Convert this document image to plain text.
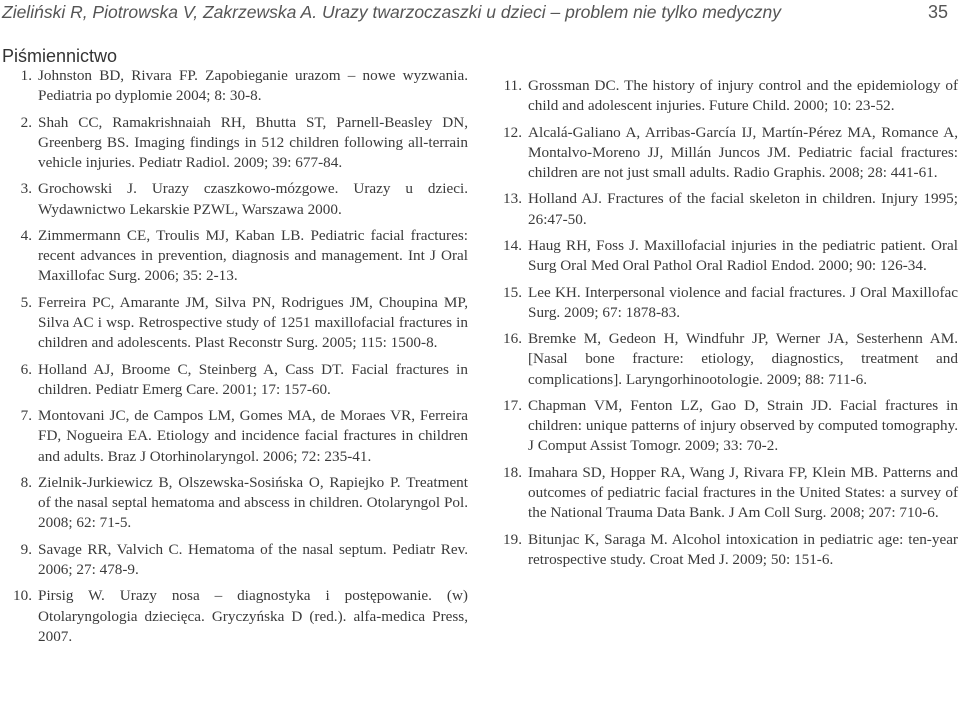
Zieliński R, Piotrowska V, Zakrzewska A. Urazy twarzoczaszki u dzieci – problem nie tylko medyczny	35
Piśmiennictwo
1. Johnston BD, Rivara FP. Zapobieganie urazom – nowe wyzwania. Pediatria po dyplomie 2004; 8: 30-8.
2. Shah CC, Ramakrishnaiah RH, Bhutta ST, Parnell-Beasley DN, Greenberg BS. Imaging findings in 512 children following all-terrain vehicle injuries. Pediatr Radiol. 2009; 39: 677-84.
3. Grochowski J. Urazy czaszkowo-mózgowe. Urazy u dzieci. Wydawnictwo Lekarskie PZWL, Warszawa 2000.
4. Zimmermann CE, Troulis MJ, Kaban LB. Pediatric facial fractures: recent advances in prevention, diagnosis and management. Int J Oral Maxillofac Surg. 2006; 35: 2-13.
5. Ferreira PC, Amarante JM, Silva PN, Rodrigues JM, Choupina MP, Silva AC i wsp. Retrospective study of 1251 maxillofacial fractures in children and adolescents. Plast Reconstr Surg. 2005; 115: 1500-8.
6. Holland AJ, Broome C, Steinberg A, Cass DT. Facial fractures in children. Pediatr Emerg Care. 2001; 17: 157-60.
7. Montovani JC, de Campos LM, Gomes MA, de Moraes VR, Ferreira FD, Nogueira EA. Etiology and incidence facial fractures in children and adults. Braz J Otorhinolaryngol. 2006; 72: 235-41.
8. Zielnik-Jurkiewicz B, Olszewska-Sosińska O, Rapiejko P. Treatment of the nasal septal hematoma and abscess in children. Otolaryngol Pol. 2008; 62: 71-5.
9. Savage RR, Valvich C. Hematoma of the nasal septum. Pediatr Rev. 2006; 27: 478-9.
10. Pirsig W. Urazy nosa – diagnostyka i postępowanie. (w) Otolaryngologia dziecięca. Gryczyńska D (red.). alfa-medica Press, 2007.
11. Grossman DC. The history of injury control and the epidemiology of child and adolescent injuries. Future Child. 2000; 10: 23-52.
12. Alcalá-Galiano A, Arribas-García IJ, Martín-Pérez MA, Romance A, Montalvo-Moreno JJ, Millán Juncos JM. Pediatric facial fractures: children are not just small adults. Radio Graphis. 2008; 28: 441-61.
13. Holland AJ. Fractures of the facial skeleton in children. Injury 1995; 26:47-50.
14. Haug RH, Foss J. Maxillofacial injuries in the pediatric patient. Oral Surg Oral Med Oral Pathol Oral Radiol Endod. 2000; 90: 126-34.
15. Lee KH. Interpersonal violence and facial fractures. J Oral Maxillofac Surg. 2009; 67: 1878-83.
16. Bremke M, Gedeon H, Windfuhr JP, Werner JA, Sesterhenn AM. [Nasal bone fracture: etiology, diagnostics, treatment and complications]. Laryngorhinootologie. 2009; 88: 711-6.
17. Chapman VM, Fenton LZ, Gao D, Strain JD. Facial fractures in children: unique patterns of injury observed by computed tomography. J Comput Assist Tomogr. 2009; 33: 70-2.
18. Imahara SD, Hopper RA, Wang J, Rivara FP, Klein MB. Patterns and outcomes of pediatric facial fractures in the United States: a survey of the National Trauma Data Bank. J Am Coll Surg. 2008; 207: 710-6.
19. Bitunjac K, Saraga M. Alcohol intoxication in pediatric age: ten-year retrospective study. Croat Med J. 2009; 50: 151-6.
